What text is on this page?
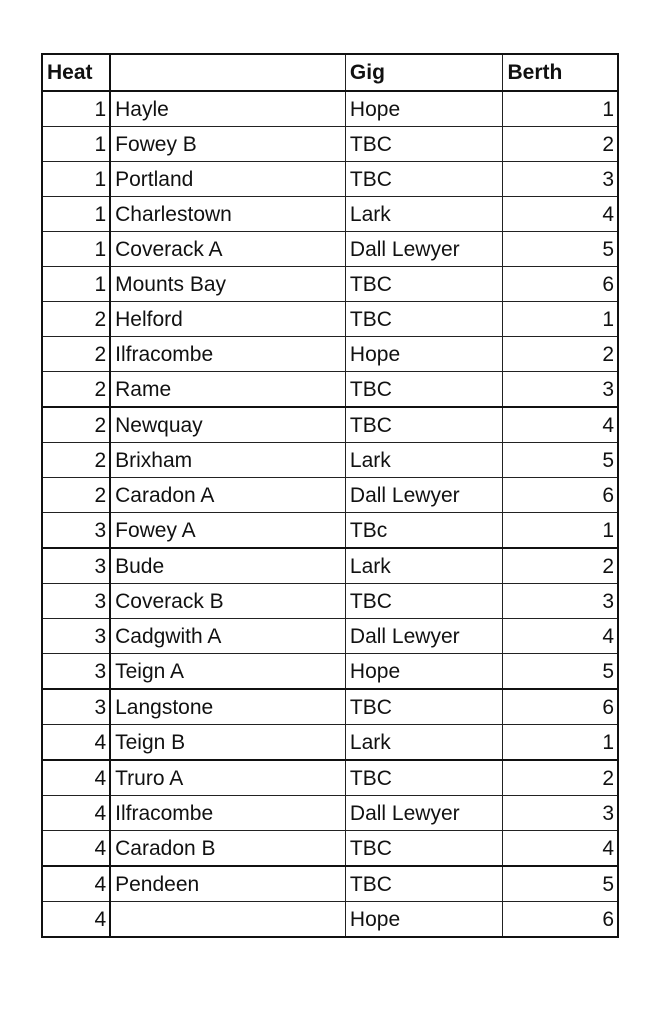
Heat		Gig	Berth
1	Hayle	Hope	1
1	Fowey B	TBC	2
1	Portland	TBC	3
1	Charlestown	Lark	4
1	Coverack A	Dall Lewyer	5
1	Mounts Bay	TBC	6
2	Helford	TBC	1
2	Ilfracombe	Hope	2
2	Rame	TBC	3
2	Newquay	TBC	4
2	Brixham	Lark	5
2	Caradon A	Dall Lewyer	6
3	Fowey A	TBc	1
3	Bude	Lark	2
3	Coverack B	TBC	3
3	Cadgwith A	Dall Lewyer	4
3	Teign A	Hope	5
3	Langstone	TBC	6
4	Teign B	Lark	1
4	Truro A	TBC	2
4	Ilfracombe	Dall Lewyer	3
4	Caradon B	TBC	4
4	Pendeen	TBC	5
4		Hope	6
